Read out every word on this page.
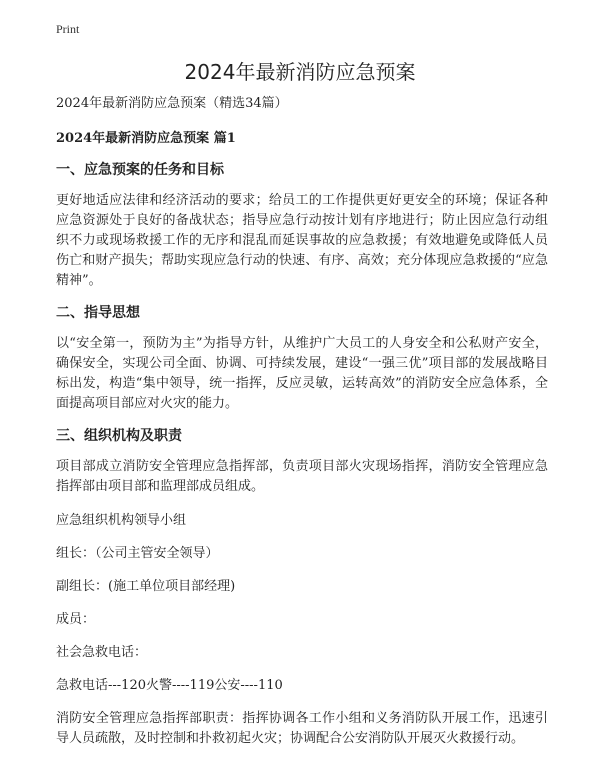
Print
2024年最新消防应急预案

2024年最新消防应急预案（精选34篇）

2024年最新消防应急预案 篇1

一、应急预案的任务和目标

更好地适应法律和经济活动的要求；给员工的工作提供更好更安全的环境；保证各种应急资源处于良好的备战状态；指导应急行动按计划有序地进行；防止因应急行动组织不力或现场救援工作的无序和混乱而延误事故的应急救援；有效地避免或降低人员伤亡和财产损失；帮助实现应急行动的快速、有序、高效；充分体现应急救援的“应急精神”。

二、指导思想

以“安全第一，预防为主”为指导方针，从维护广大员工的人身安全和公私财产安全，确保安全，实现公司全面、协调、可持续发展，建设“一强三优”项目部的发展战略目标出发，构造“集中领导，统一指挥，反应灵敏，运转高效”的消防安全应急体系，全面提高项目部应对火灾的能力。

三、组织机构及职责

项目部成立消防安全管理应急指挥部，负责项目部火灾现场指挥，消防安全管理应急指挥部由项目部和监理部成员组成。

应急组织机构领导小组

组长：（公司主管安全领导）

副组长：(施工单位项目部经理)

成员：

社会急救电话：

急救电话---120火警----119公安----110

消防安全管理应急指挥部职责：指挥协调各工作小组和义务消防队开展工作，迅速引导人员疏散，及时控制和扑救初起火灾；协调配合公安消防队开展灭火救援行动。
